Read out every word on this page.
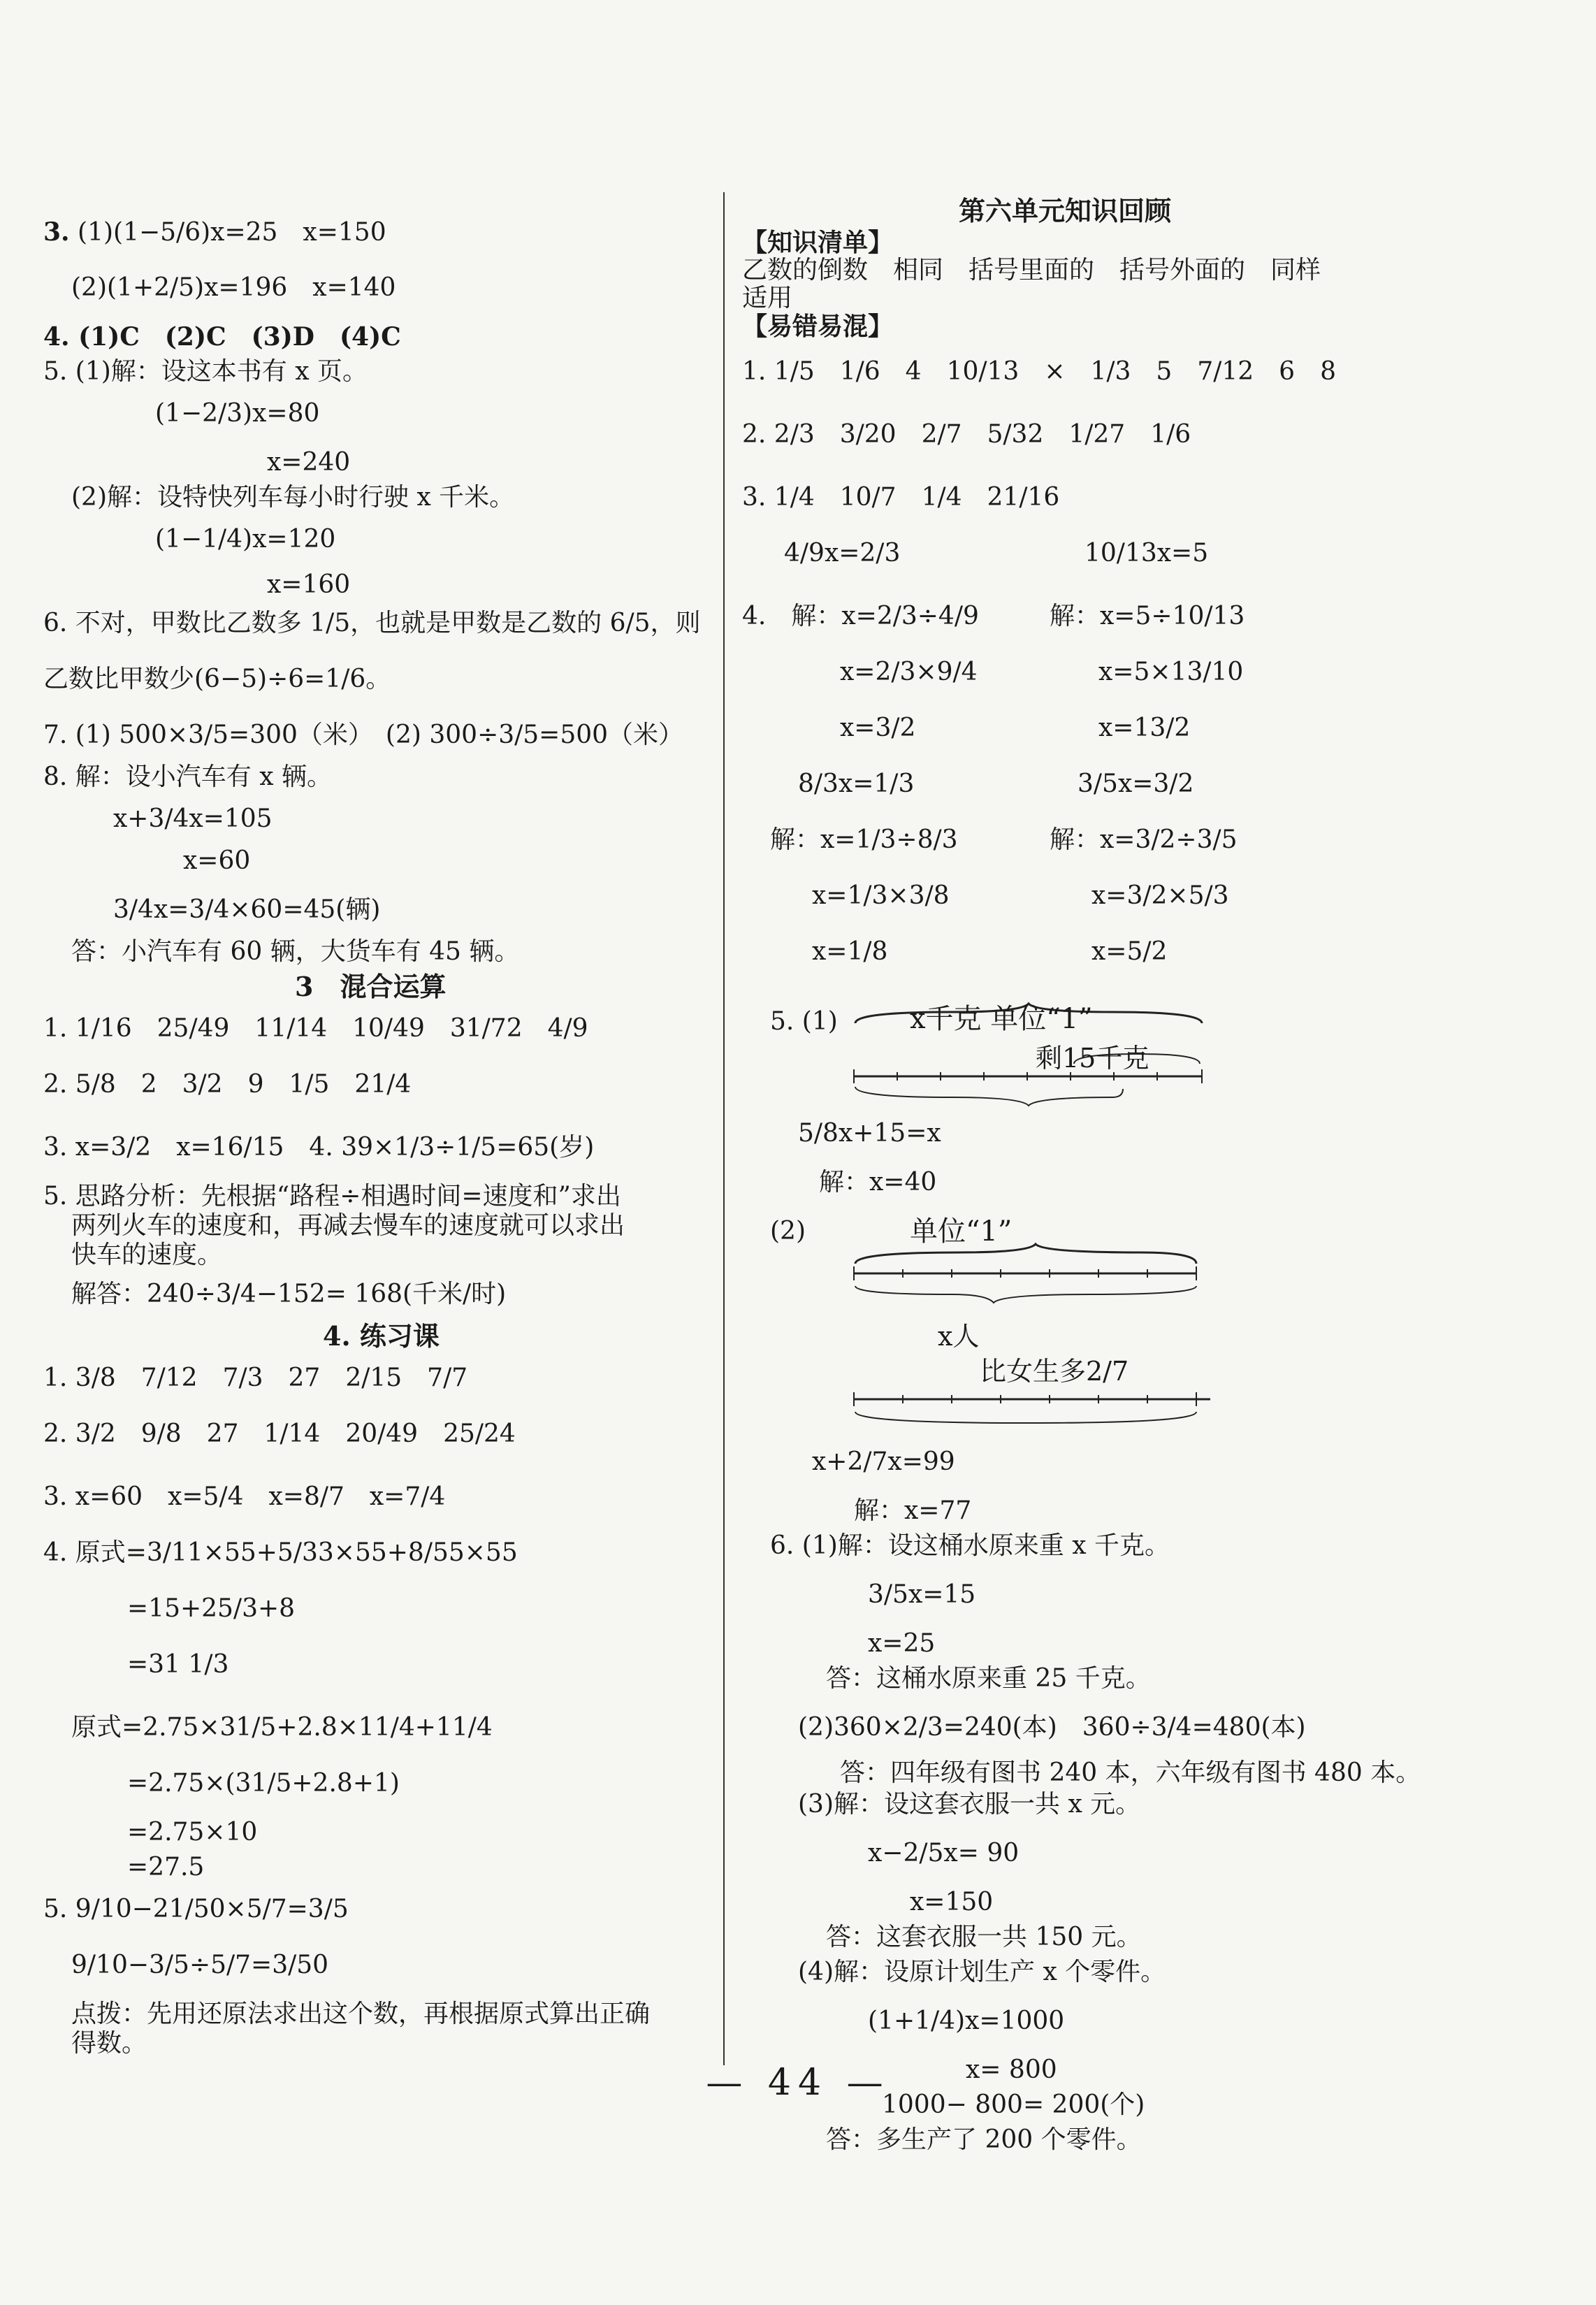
3. (1)(1−5/6)x=25　x=150
(2)(1+2/5)x=196　x=140
4. (1)C　(2)C　(3)D　(4)C
5. (1)解：设这本书有 x 页。
(1−2/3)x=80
x=240
(2)解：设特快列车每小时行驶 x 千米。
(1−1/4)x=120
x=160
6. 不对，甲数比乙数多 1/5，也就是甲数是乙数的 6/5，则
乙数比甲数少(6−5)÷6=1/6。
7. (1) 500×3/5=300（米）　(2) 300÷3/5=500（米）
8. 解：设小汽车有 x 辆。
x+3/4x=105
x=60
3/4x=3/4×60=45(辆)
答：小汽车有 60 辆，大货车有 45 辆。
3　混合运算
1. 1/16　25/49　11/14　10/49　31/72　4/9
2. 5/8　2　3/2　9　1/5　21/4
3. x=3/2　x=16/15　4. 39×1/3÷1/5=65(岁)
5. 思路分析：先根据“路程÷相遇时间=速度和”求出
两列火车的速度和，再减去慢车的速度就可以求出
快车的速度。
解答：240÷3/4−152= 168(千米/时)
4. 练习课
1. 3/8　7/12　7/3　27　2/15　7/7
2. 3/2　9/8　27　1/14　20/49　25/24
3. x=60　x=5/4　x=8/7　x=7/4
4. 原式=3/11×55+5/33×55+8/55×55
=15+25/3+8
=31 1/3
原式=2.75×31/5+2.8×11/4+11/4
=2.75×(31/5+2.8+1)
=2.75×10
=27.5
5. 9/10−21/50×5/7=3/5
9/10−3/5÷5/7=3/50
点拨：先用还原法求出这个数，再根据原式算出正确
得数。
第六单元知识回顾
【知识清单】
乙数的倒数　相同　括号里面的　括号外面的　同样
适用
【易错易混】
1. 1/5　1/6　4　10/13　×　1/3　5　7/12　6　8
2. 2/3　3/20　2/7　5/32　1/27　1/6
3. 1/4　10/7　1/4　21/16
4/9x=2/3	10/13x=5
4.　解：x=2/3÷4/9
x=2/3×9/4
x=3/2
解：x=5÷10/13
x=5×13/10
x=13/2
8/3x=1/3
解：x=1/3÷8/3
x=1/3×3/8
x=1/8
3/5x=3/2
解：x=3/2÷3/5
x=3/2×5/3
x=5/2
5. (1)	x千克 单位“1”
剩15千克
5/8x+15=x
解：x=40
(2)	单位“1”
x人
比女生多2/7
x+2/7x=99
解：x=77
6. (1)解：设这桶水原来重 x 千克。
3/5x=15
x=25
答：这桶水原来重 25 千克。
(2)360×2/3=240(本)　360÷3/4=480(本)
答：四年级有图书 240 本，六年级有图书 480 本。
(3)解：设这套衣服一共 x 元。
x−2/5x= 90
x=150
答：这套衣服一共 150 元。
(4)解：设原计划生产 x 个零件。
(1+1/4)x=1000
x= 800
1000− 800= 200(个)
答：多生产了 200 个零件。
— 44 —
